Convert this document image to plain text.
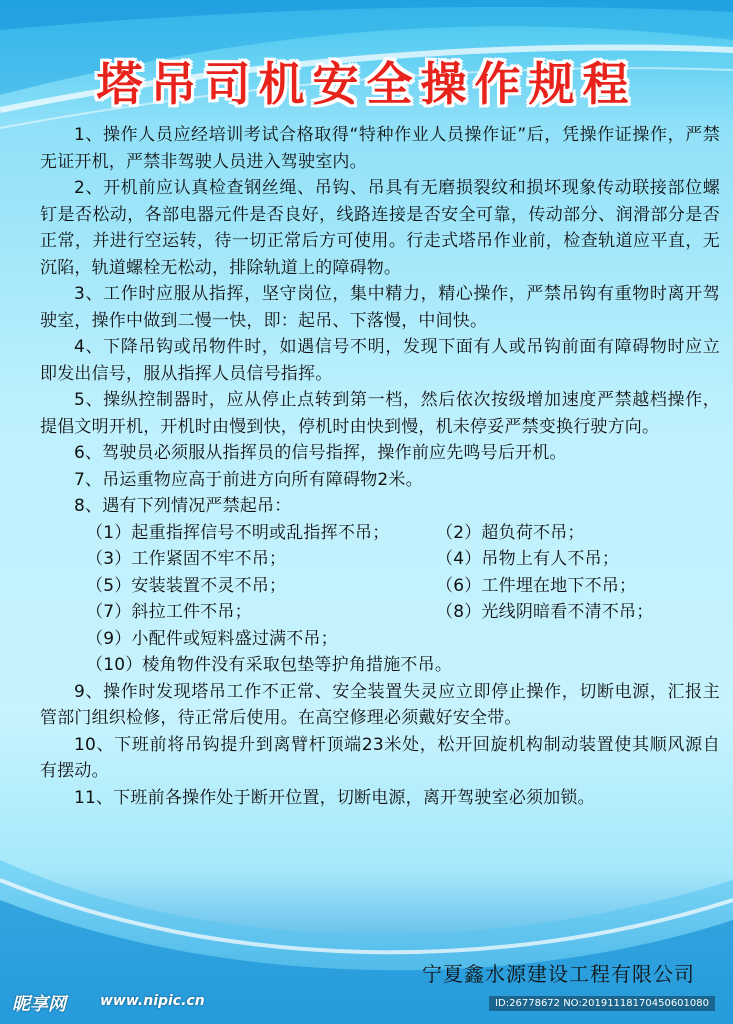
塔吊司机安全操作规程

1、操作人员应经培训考试合格取得“特种作业人员操作证”后，凭操作证操作，严禁无证开机，严禁非驾驶人员进入驾驶室内。

2、开机前应认真检查钢丝绳、吊钩、吊具有无磨损裂纹和损坏现象传动联接部位螺钉是否松动，各部电器元件是否良好，线路连接是否安全可靠，传动部分、润滑部分是否正常，并进行空运转，待一切正常后方可使用。行走式塔吊作业前，检查轨道应平直，无沉陷，轨道螺栓无松动，排除轨道上的障碍物。

3、工作时应服从指挥，坚守岗位，集中精力，精心操作，严禁吊钩有重物时离开驾驶室，操作中做到二慢一快，即：起吊、下落慢，中间快。

4、下降吊钩或吊物件时，如遇信号不明，发现下面有人或吊钩前面有障碍物时应立即发出信号，服从指挥人员信号指挥。

5、操纵控制器时，应从停止点转到第一档，然后依次按级增加速度严禁越档操作，提倡文明开机，开机时由慢到快，停机时由快到慢，机未停妥严禁变换行驶方向。

6、驾驶员必须服从指挥员的信号指挥，操作前应先鸣号后开机。

7、吊运重物应高于前进方向所有障碍物2米。

8、遇有下列情况严禁起吊：

（1）起重指挥信号不明或乱指挥不吊；	（2）超负荷不吊；

（3）工作紧固不牢不吊；	（4）吊物上有人不吊；

（5）安装装置不灵不吊；	（6）工件埋在地下不吊；

（7）斜拉工件不吊；	（8）光线阴暗看不清不吊；

（9）小配件或短料盛过满不吊；

（10）棱角物件没有采取包垫等护角措施不吊。

9、操作时发现塔吊工作不正常、安全装置失灵应立即停止操作，切断电源，汇报主管部门组织检修，待正常后使用。在高空修理必须戴好安全带。

10、下班前将吊钩提升到离臂杆顶端23米处，松开回旋机构制动装置使其顺风源自有摆动。

11、下班前各操作处于断开位置，切断电源，离开驾驶室必须加锁。

宁夏鑫水源建设工程有限公司
昵享网 www.nipic.cn	ID:26778672 NO:20191118170450601080
